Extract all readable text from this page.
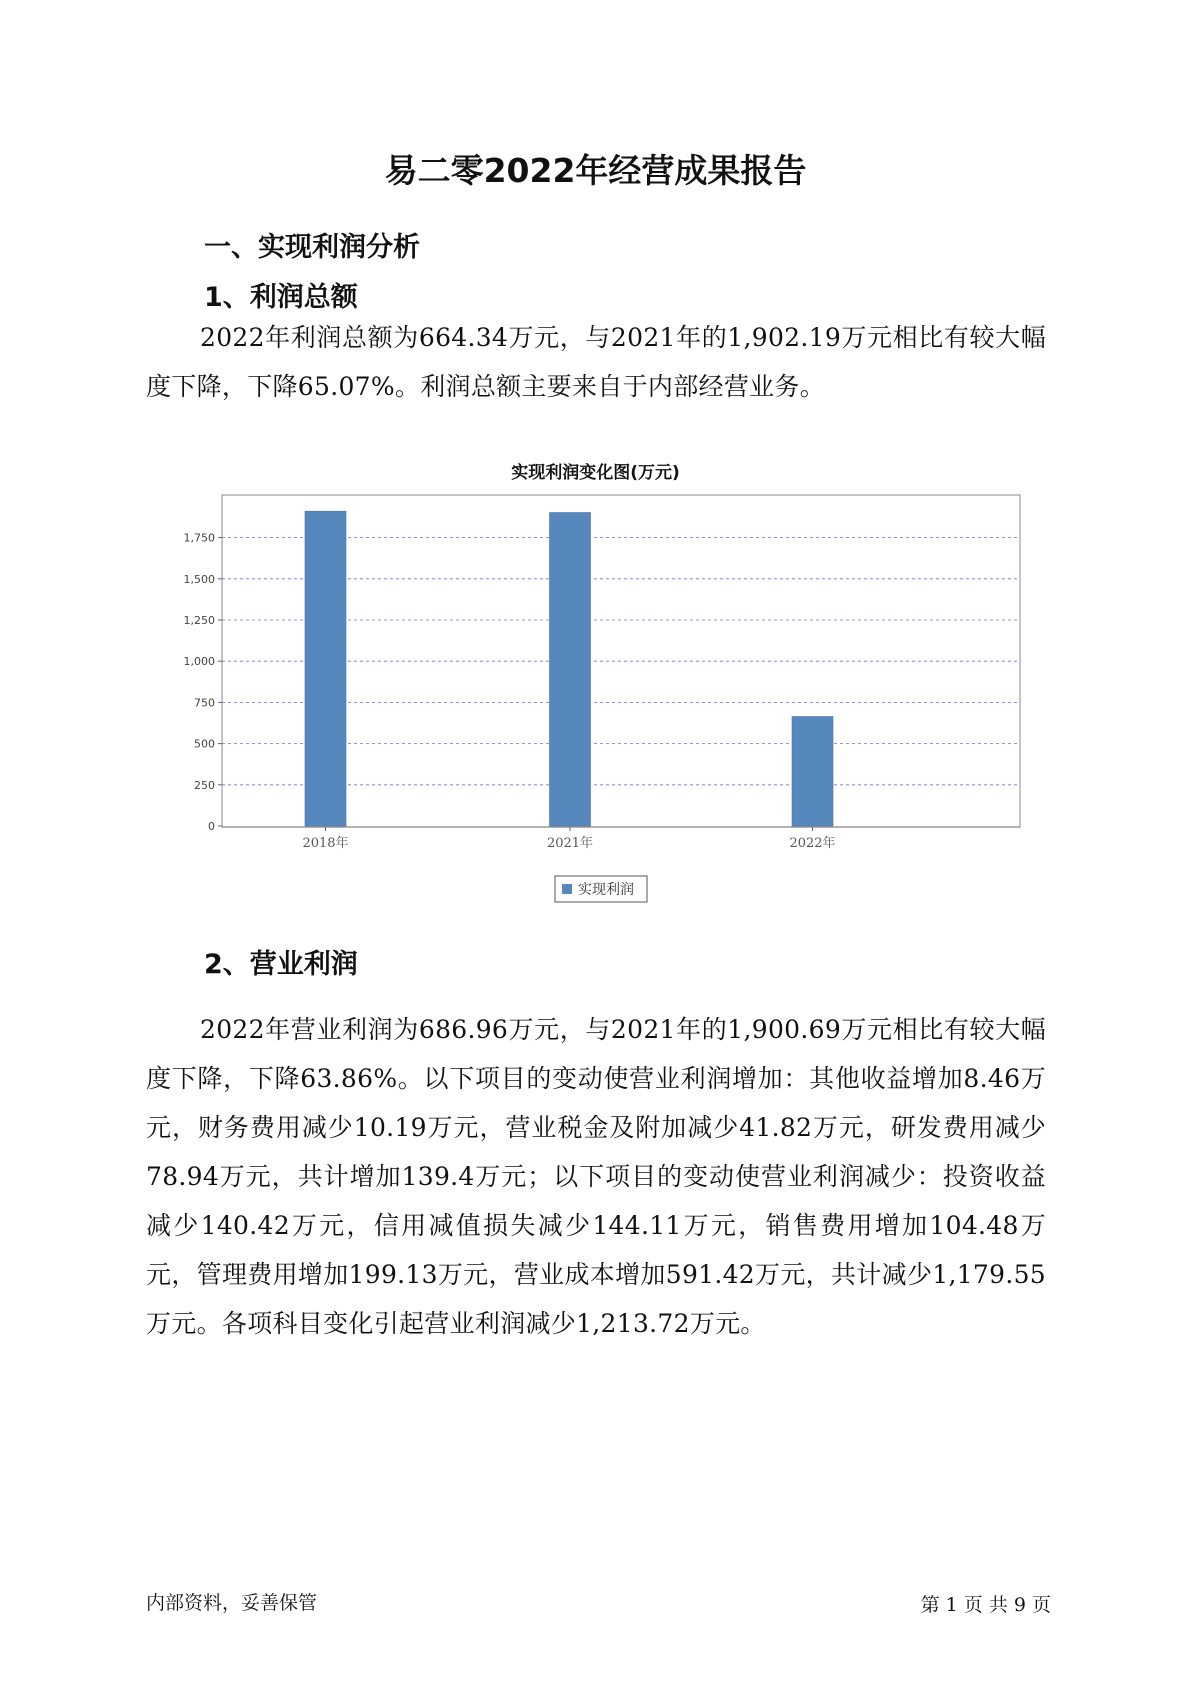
易二零2022年经营成果报告
一、实现利润分析
1、利润总额

2022年利润总额为664.34万元，与2021年的1,902.19万元相比有较大幅度下降，下降65.07%。利润总额主要来自于内部经营业务。

实现利润变化图(万元)
0
250
500
750
1,000
1,250
1,500
1,750
2018年	2021年	2022年
实现利润
2、营业利润

2022年营业利润为686.96万元，与2021年的1,900.69万元相比有较大幅度下降，下降63.86%。以下项目的变动使营业利润增加：其他收益增加8.46万元，财务费用减少10.19万元，营业税金及附加减少41.82万元，研发费用减少78.94万元，共计增加139.4万元；以下项目的变动使营业利润减少：投资收益减少140.42万元，信用减值损失减少144.11万元，销售费用增加104.48万元，管理费用增加199.13万元，营业成本增加591.42万元，共计减少1,179.55万元。各项科目变化引起营业利润减少1,213.72万元。

内部资料，妥善保管	第 1 页 共 9 页
